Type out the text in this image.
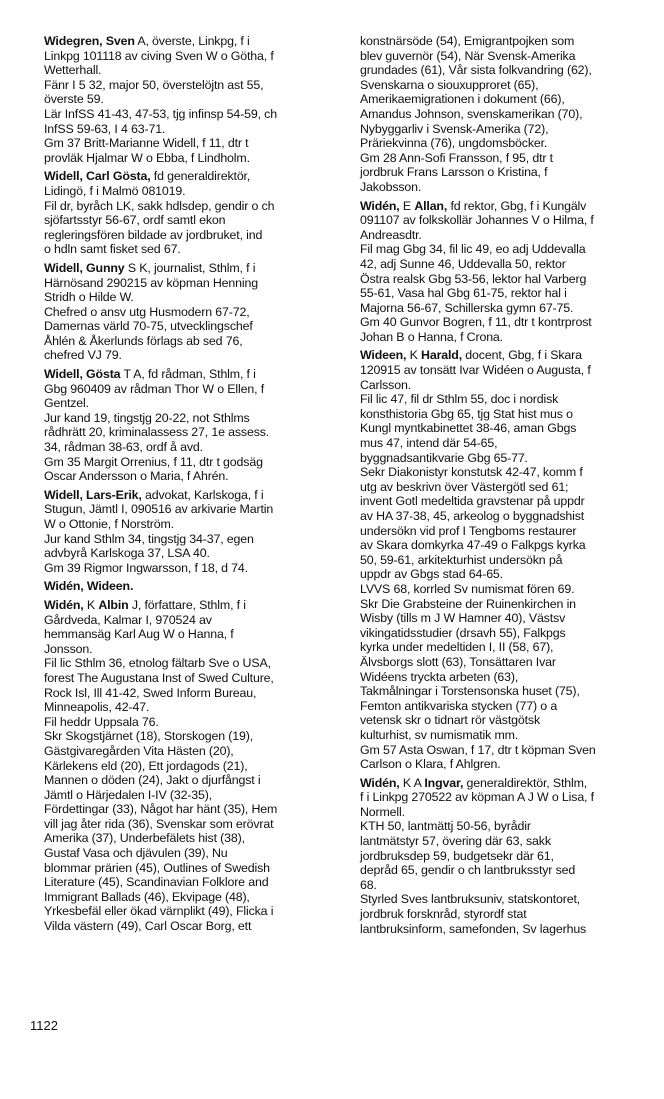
Widegren, Sven A, överste, Linkpg, f i
Linkpg 101118 av civing Sven W o Götha, f
Wetterhall.
Fänr I 5 32, major 50, överstelöjtn ast 55,
överste 59.
Lär InfSS 41-43, 47-53, tjg infinsp 54-59, ch
InfSS 59-63, I 4 63-71.
Gm 37 Britt-Marianne Widell, f 11, dtr t
provläk Hjalmar W o Ebba, f Lindholm.
Widell, Carl Gösta, fd generaldirektör,
Lidingö, f i Malmö 081019.
Fil dr, byråch LK, sakk hdlsdep, gendir o ch
sjöfartsstyr 56-67, ordf samtl ekon
regleringsfören bildade av jordbruket, ind
o hdln samt fisket sed 67.
Widell, Gunny S K, journalist, Sthlm, f i
Härnösand 290215 av köpman Henning
Stridh o Hilde W.
Chefred o ansv utg Husmodern 67-72,
Damernas värld 70-75, utvecklingschef
Åhlén & Åkerlunds förlags ab sed 76,
chefred VJ 79.
Widell, Gösta T A, fd rådman, Sthlm, f i
Gbg 960409 av rådman Thor W o Ellen, f
Gentzel.
Jur kand 19, tingstjg 20-22, not Sthlms
rådhrätt 20, kriminalassess 27, 1e assess.
34, rådman 38-63, ordf å avd.
Gm 35 Margit Orrenius, f 11, dtr t godsäg
Oscar Andersson o Maria, f Ahrén.
Widell, Lars-Erik, advokat, Karlskoga, f i
Stugun, Jämtl I, 090516 av arkivarie Martin
W o Ottonie, f Norström.
Jur kand Sthlm 34, tingstjg 34-37, egen
advbyrå Karlskoga 37, LSA 40.
Gm 39 Rigmor Ingwarsson, f 18, d 74.
Widén, Wideen.
Widén, K Albin J, författare, Sthlm, f i
Gårdveda, Kalmar I, 970524 av
hemmansäg Karl Aug W o Hanna, f
Jonsson.
Fil lic Sthlm 36, etnolog fältarb Sve o USA,
forest The Augustana Inst of Swed Culture,
Rock Isl, Ill 41-42, Swed Inform Bureau,
Minneapolis, 42-47.
Fil heddr Uppsala 76.
Skr Skogstjärnet (18), Storskogen (19),
Gästgivaregården Vita Hästen (20),
Kärlekens eld (20), Ett jordagods (21),
Mannen o döden (24), Jakt o djurfångst i
Jämtl o Härjedalen I-IV (32-35),
Fördettingar (33), Något har hänt (35), Hem
vill jag åter rida (36), Svenskar som erövrat
Amerika (37), Underbefälets hist (38),
Gustaf Vasa och djävulen (39), Nu
blommar prärien (45), Outlines of Swedish
Literature (45), Scandinavian Folklore and
Immigrant Ballads (46), Ekvipage (48),
Yrkesbefäl eller ökad värnplikt (49), Flicka i
Vilda västern (49), Carl Oscar Borg, ett
konstnärsöde (54), Emigrantpojken som
blev guvernör (54), När Svensk-Amerika
grundades (61), Vår sista folkvandring (62),
Svenskarna o siouxupproret (65),
Amerikaemigrationen i dokument (66),
Amandus Johnson, svenskamerikan (70),
Nybyggarliv i Svensk-Amerika (72),
Präriekvinna (76), ungdomsböcker.
Gm 28 Ann-Sofi Fransson, f 95, dtr t
jordbruk Frans Larsson o Kristina, f
Jakobsson.
Widén, E Allan, fd rektor, Gbg, f i Kungälv
091107 av folkskollär Johannes V o Hilma, f
Andreasdtr.
Fil mag Gbg 34, fil lic 49, eo adj Uddevalla
42, adj Sunne 46, Uddevalla 50, rektor
Östra realsk Gbg 53-56, lektor hal Varberg
55-61, Vasa hal Gbg 61-75, rektor hal i
Majorna 56-67, Schillerska gymn 67-75.
Gm 40 Gunvor Bogren, f 11, dtr t kontrprost
Johan B o Hanna, f Crona.
Wideen, K Harald, docent, Gbg, f i Skara
120915 av tonsätt Ivar Widéen o Augusta, f
Carlsson.
Fil lic 47, fil dr Sthlm 55, doc i nordisk
konsthistoria Gbg 65, tjg Stat hist mus o
Kungl myntkabinettet 38-46, aman Gbgs
mus 47, intend där 54-65,
byggnadsantikvarie Gbg 65-77.
Sekr Diakonistyr konstutsk 42-47, komm f
utg av beskrivn över Västergötl sed 61;
invent Gotl medeltida gravstenar på uppdr
av HA 37-38, 45, arkeolog o byggnadshist
undersökn vid prof I Tengboms restaurer
av Skara domkyrka 47-49 o Falkpgs kyrka
50, 59-61, arkitekturhist undersökn på
uppdr av Gbgs stad 64-65.
LVVS 68, korrled Sv numismat fören 69.
Skr Die Grabsteine der Ruinenkirchen in
Wisby (tills m J W Hamner 40), Västsv
vikingatidsstudier (drsavh 55), Falkpgs
kyrka under medeltiden I, II (58, 67),
Älvsborgs slott (63), Tonsättaren Ivar
Widéens tryckta arbeten (63),
Takmålningar i Torstensonska huset (75),
Femton antikvariska stycken (77) o a
vetensk skr o tidnart rör västgötsk
kulturhist, sv numismatik mm.
Gm 57 Asta Oswan, f 17, dtr t köpman Sven
Carlson o Klara, f Ahlgren.
Widén, K A Ingvar, generaldirektör, Sthlm,
f i Linkpg 270522 av köpman A J W o Lisa, f
Normell.
KTH 50, lantmättj 50-56, byrådir
lantmätstyr 57, övering där 63, sakk
jordbruksdep 59, budgetsekr där 61,
depråd 65, gendir o ch lantbruksstyr sed
68.
Styrled Sves lantbruksuniv, statskontoret,
jordbruk forsknråd, styrordf stat
lantbruksinform, samefonden, Sv lagerhus
1122
